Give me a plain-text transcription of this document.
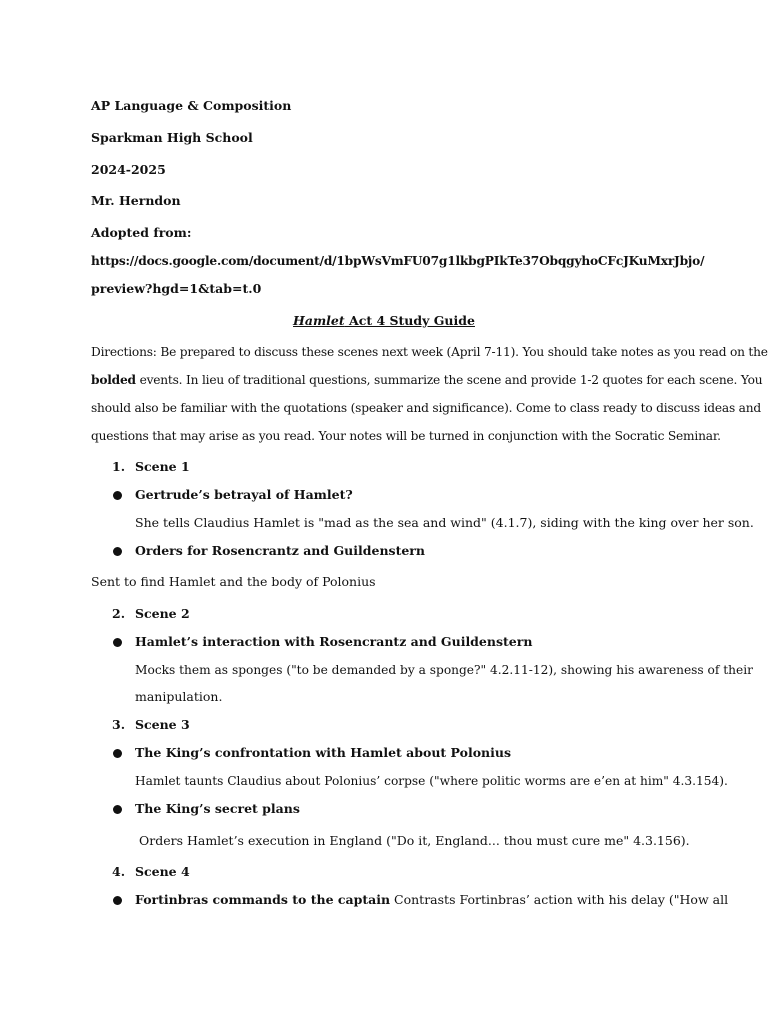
AP Language & Composition
Sparkman High School
2024-2025
Mr. Herndon
Adopted from:
https://docs.google.com/document/d/1bpWsVmFU07g1lkbgPIkTe37ObqgyhoCFcJKuMxrJbjo/
preview?hgd=1&tab=t.0
Hamlet Act 4 Study Guide
Directions: Be prepared to discuss these scenes next week (April 7-11). You should take notes as you read on the
bolded events. In lieu of traditional questions, summarize the scene and provide 1-2 quotes for each scene. You
should also be familiar with the quotations (speaker and significance). Come to class ready to discuss ideas and
questions that may arise as you read. Your notes will be turned in conjunction with the Socratic Seminar.
1. Scene 1
Gertrude’s betrayal of Hamlet?
She tells Claudius Hamlet is "mad as the sea and wind" (4.1.7), siding with the king over her son.
Orders for Rosencrantz and Guildenstern
Sent to find Hamlet and the body of Polonius
2. Scene 2
Hamlet’s interaction with Rosencrantz and Guildenstern
Mocks them as sponges ("to be demanded by a sponge?" 4.2.11-12), showing his awareness of their
manipulation.
3. Scene 3
The King’s confrontation with Hamlet about Polonius
Hamlet taunts Claudius about Polonius’ corpse ("where politic worms are e’en at him" 4.3.154).
The King’s secret plans
Orders Hamlet’s execution in England ("Do it, England... thou must cure me" 4.3.156).
4. Scene 4
Fortinbras commands to the captain Contrasts Fortinbras’ action with his delay ("How all
